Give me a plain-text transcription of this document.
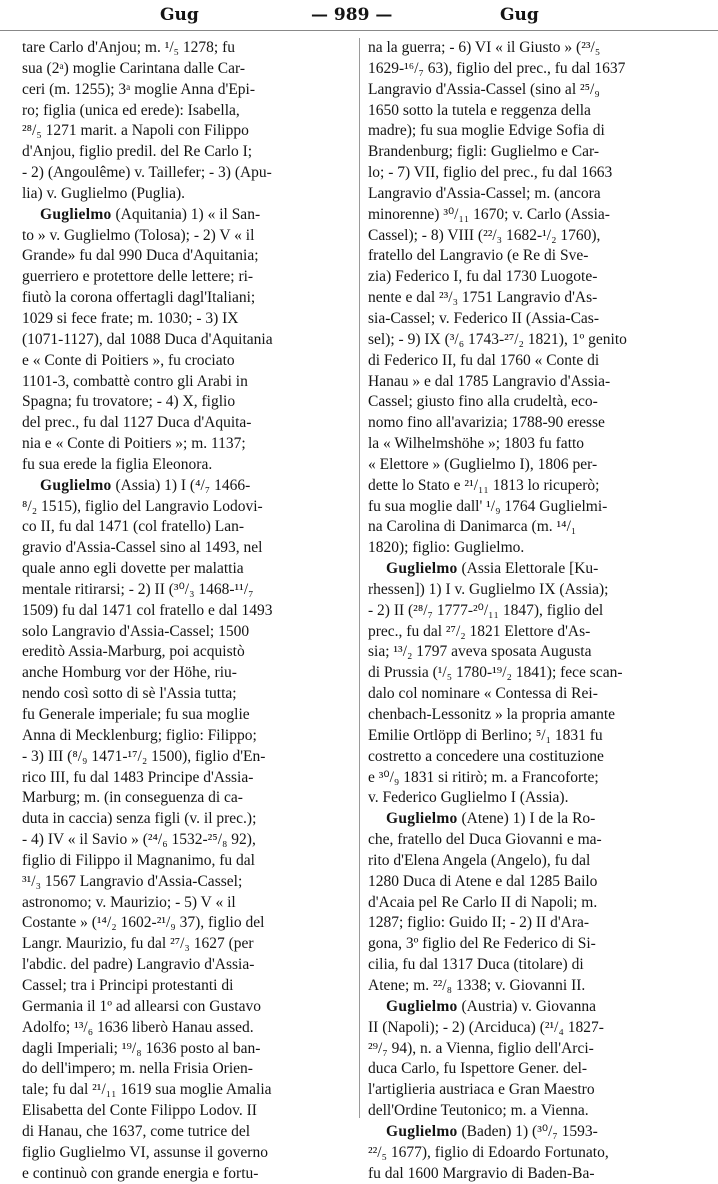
Gug	— 989 —	Gug
tare Carlo d'Anjou; m. ¹/₅ 1278; fu
sua (2ᵃ) moglie Carintana dalle Car-
ceri (m. 1255); 3ᵃ moglie Anna d'Epi-
ro; figlia (unica ed erede): Isabella,
²⁸/₅ 1271 marit. a Napoli con Filippo
d'Anjou, figlio predil. del Re Carlo I;
- 2) (Angoulême) v. Taillefer; - 3) (Apu-
lia) v. Guglielmo (Puglia).
Guglielmo (Aquitania) 1) « il San-
to » v. Guglielmo (Tolosa); - 2) V « il
Grande» fu dal 990 Duca d'Aquitania;
guerriero e protettore delle lettere; ri-
fiutò la corona offertagli dagl'Italiani;
1029 si fece frate; m. 1030; - 3) IX
(1071-1127), dal 1088 Duca d'Aquitania
e « Conte di Poitiers », fu crociato
1101-3, combattè contro gli Arabi in
Spagna; fu trovatore; - 4) X, figlio
del prec., fu dal 1127 Duca d'Aquita-
nia e « Conte di Poitiers »; m. 1137;
fu sua erede la figlia Eleonora.
Guglielmo (Assia) 1) I (⁴/₇ 1466-
⁸/₂ 1515), figlio del Langravio Lodovi-
co II, fu dal 1471 (col fratello) Lan-
gravio d'Assia-Cassel sino al 1493, nel
quale anno egli dovette per malattia
mentale ritirarsi; - 2) II (³⁰/₃ 1468-¹¹/₇
1509) fu dal 1471 col fratello e dal 1493
solo Langravio d'Assia-Cassel; 1500
ereditò Assia-Marburg, poi acquistò
anche Homburg vor der Höhe, riu-
nendo così sotto di sè l'Assia tutta;
fu Generale imperiale; fu sua moglie
Anna di Mecklenburg; figlio: Filippo;
- 3) III (⁸/₉ 1471-¹⁷/₂ 1500), figlio d'En-
rico III, fu dal 1483 Principe d'Assia-
Marburg; m. (in conseguenza di ca-
duta in caccia) senza figli (v. il prec.);
- 4) IV « il Savio » (²⁴/₆ 1532-²⁵/₈ 92),
figlio di Filippo il Magnanimo, fu dal
³¹/₃ 1567 Langravio d'Assia-Cassel;
astronomo; v. Maurizio; - 5) V « il
Costante » (¹⁴/₂ 1602-²¹/₉ 37), figlio del
Langr. Maurizio, fu dal ²⁷/₃ 1627 (per
l'abdic. del padre) Langravio d'Assia-
Cassel; tra i Principi protestanti di
Germania il 1º ad allearsi con Gustavo
Adolfo; ¹³/₆ 1636 liberò Hanau assed.
dagli Imperiali; ¹⁹/₈ 1636 posto al ban-
do dell'impero; m. nella Frisia Orien-
tale; fu dal ²¹/₁₁ 1619 sua moglie Amalia
Elisabetta del Conte Filippo Lodov. II
di Hanau, che 1637, come tutrice del
figlio Guglielmo VI, assunse il governo
e continuò con grande energia e fortu-
na la guerra; - 6) VI « il Giusto » (²³/₅
1629-¹⁶/₇ 63), figlio del prec., fu dal 1637
Langravio d'Assia-Cassel (sino al ²⁵/₉
1650 sotto la tutela e reggenza della
madre); fu sua moglie Edvige Sofia di
Brandenburg; figli: Guglielmo e Car-
lo; - 7) VII, figlio del prec., fu dal 1663
Langravio d'Assia-Cassel; m. (ancora
minorenne) ³⁰/₁₁ 1670; v. Carlo (Assia-
Cassel); - 8) VIII (²²/₃ 1682-¹/₂ 1760),
fratello del Langravio (e Re di Sve-
zia) Federico I, fu dal 1730 Luogote-
nente e dal ²³/₃ 1751 Langravio d'As-
sia-Cassel; v. Federico II (Assia-Cas-
sel); - 9) IX (³/₆ 1743-²⁷/₂ 1821), 1º genito
di Federico II, fu dal 1760 « Conte di
Hanau » e dal 1785 Langravio d'Assia-
Cassel; giusto fino alla crudeltà, eco-
nomo fino all'avarizia; 1788-90 eresse
la « Wilhelmshöhe »; 1803 fu fatto
« Elettore » (Guglielmo I), 1806 per-
dette lo Stato e ²¹/₁₁ 1813 lo ricuperò;
fu sua moglie dall' ¹/₉ 1764 Guglielmi-
na Carolina di Danimarca (m. ¹⁴/₁
1820); figlio: Guglielmo.
Guglielmo (Assia Elettorale [Ku-
rhessen]) 1) I v. Guglielmo IX (Assia);
- 2) II (²⁸/₇ 1777-²⁰/₁₁ 1847), figlio del
prec., fu dal ²⁷/₂ 1821 Elettore d'As-
sia; ¹³/₂ 1797 aveva sposata Augusta
di Prussia (¹/₅ 1780-¹⁹/₂ 1841); fece scan-
dalo col nominare « Contessa di Rei-
chenbach-Lessonitz » la propria amante
Emilie Ortlöpp di Berlino; ⁵/₁ 1831 fu
costretto a concedere una costituzione
e ³⁰/₉ 1831 si ritirò; m. a Francoforte;
v. Federico Guglielmo I (Assia).
Guglielmo (Atene) 1) I de la Ro-
che, fratello del Duca Giovanni e ma-
rito d'Elena Angela (Angelo), fu dal
1280 Duca di Atene e dal 1285 Bailo
d'Acaia pel Re Carlo II di Napoli; m.
1287; figlio: Guido II; - 2) II d'Ara-
gona, 3º figlio del Re Federico di Si-
cilia, fu dal 1317 Duca (titolare) di
Atene; m. ²²/₈ 1338; v. Giovanni II.
Guglielmo (Austria) v. Giovanna
II (Napoli); - 2) (Arciduca) (²¹/₄ 1827-
²⁹/₇ 94), n. a Vienna, figlio dell'Arci-
duca Carlo, fu Ispettore Gener. del-
l'artiglieria austriaca e Gran Maestro
dell'Ordine Teutonico; m. a Vienna.
Guglielmo (Baden) 1) (³⁰/₇ 1593-
²²/₅ 1677), figlio di Edoardo Fortunato,
fu dal 1600 Margravio di Baden-Ba-
